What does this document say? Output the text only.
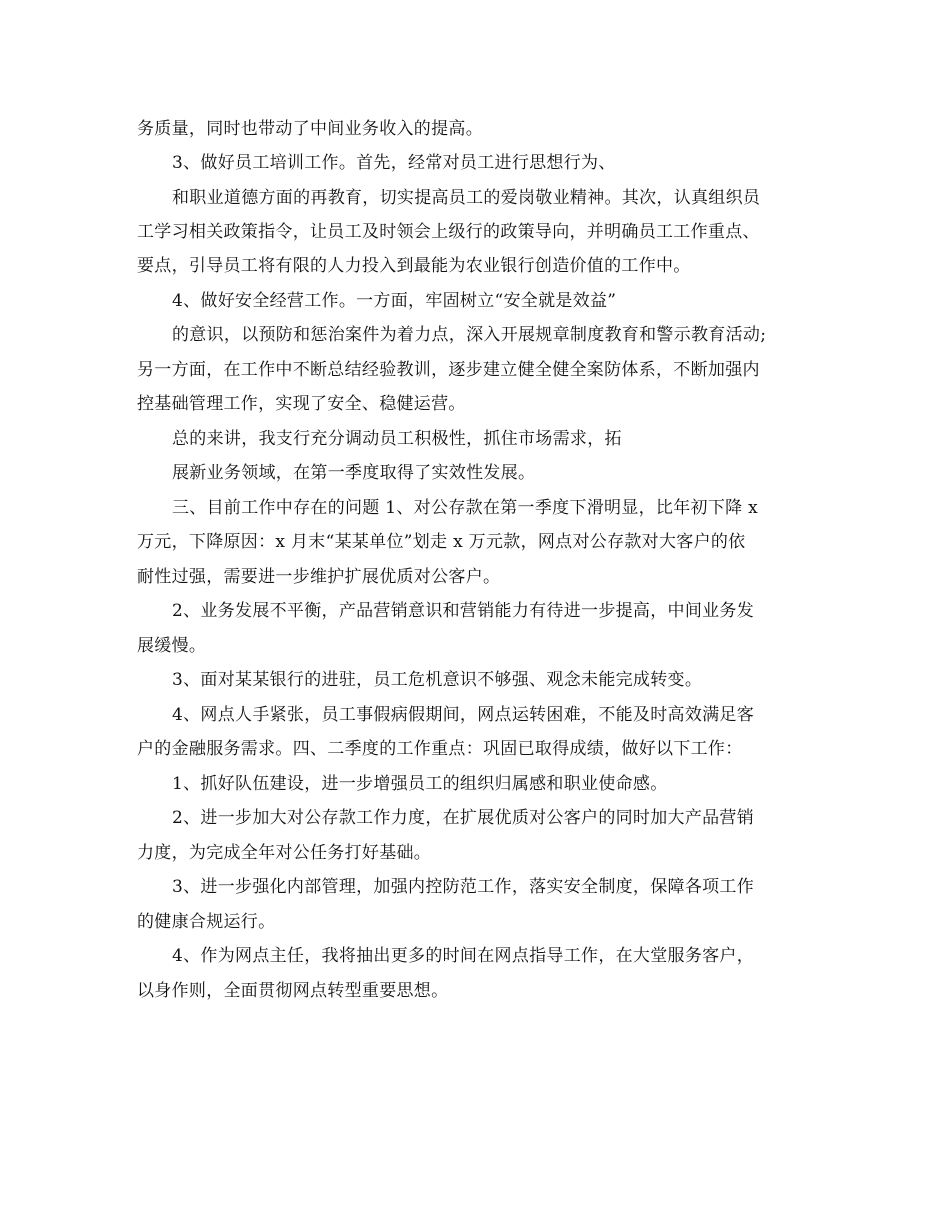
务质量，同时也带动了中间业务收入的提高。
3、做好员工培训工作。首先，经常对员工进行思想行为、
和职业道德方面的再教育，切实提高员工的爱岗敬业精神。其次，认真组织员
工学习相关政策指令，让员工及时领会上级行的政策导向，并明确员工工作重点、
要点，引导员工将有限的人力投入到最能为农业银行创造价值的工作中。
4、做好安全经营工作。一方面，牢固树立“安全就是效益”
的意识，以预防和惩治案件为着力点，深入开展规章制度教育和警示教育活动;
另一方面，在工作中不断总结经验教训，逐步建立健全健全案防体系，不断加强内
控基础管理工作，实现了安全、稳健运营。
总的来讲，我支行充分调动员工积极性，抓住市场需求，拓
展新业务领域，在第一季度取得了实效性发展。
三、目前工作中存在的问题 1、对公存款在第一季度下滑明显，比年初下降 x
万元，下降原因：x 月末“某某单位”划走 x 万元款，网点对公存款对大客户的依
耐性过强，需要进一步维护扩展优质对公客户。
2、业务发展不平衡，产品营销意识和营销能力有待进一步提高，中间业务发
展缓慢。
3、面对某某银行的进驻，员工危机意识不够强、观念未能完成转变。
4、网点人手紧张，员工事假病假期间，网点运转困难，不能及时高效满足客
户的金融服务需求。四、二季度的工作重点：巩固已取得成绩，做好以下工作：
1、抓好队伍建设，进一步增强员工的组织归属感和职业使命感。
2、进一步加大对公存款工作力度，在扩展优质对公客户的同时加大产品营销
力度，为完成全年对公任务打好基础。
3、进一步强化内部管理，加强内控防范工作，落实安全制度，保障各项工作
的健康合规运行。
4、作为网点主任，我将抽出更多的时间在网点指导工作，在大堂服务客户，
以身作则，全面贯彻网点转型重要思想。
